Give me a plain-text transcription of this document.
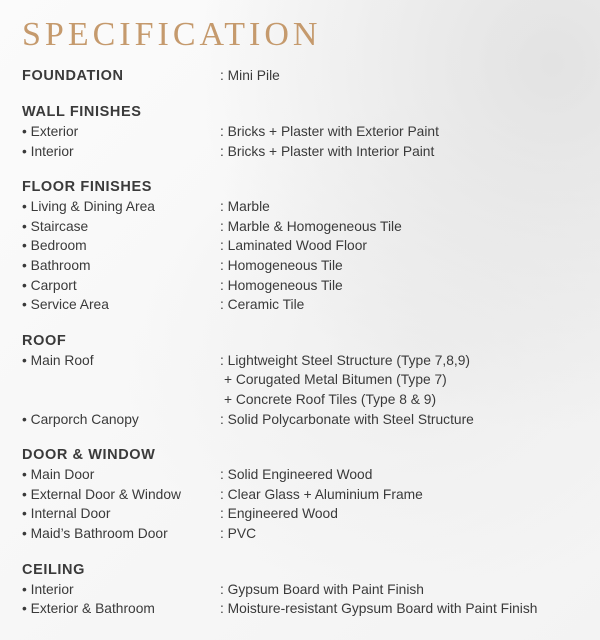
SPECIFICATION
FOUNDATION	: Mini Pile
WALL FINISHES
• Exterior	: Bricks + Plaster with Exterior Paint
• Interior	: Bricks + Plaster with Interior Paint
FLOOR FINISHES
• Living & Dining Area	: Marble
• Staircase	: Marble & Homogeneous Tile
• Bedroom	: Laminated Wood Floor
• Bathroom	: Homogeneous Tile
• Carport	: Homogeneous Tile
• Service Area	: Ceramic Tile
ROOF
• Main Roof	: Lightweight Steel Structure (Type 7,8,9)
+ Corugated Metal Bitumen (Type 7)
+ Concrete Roof Tiles (Type 8 & 9)
• Carporch Canopy	: Solid Polycarbonate with Steel Structure
DOOR & WINDOW
• Main Door	: Solid Engineered Wood
• External Door & Window	: Clear Glass + Aluminium Frame
• Internal Door	: Engineered Wood
• Maid’s Bathroom Door	: PVC
CEILING
• Interior	: Gypsum Board with Paint Finish
• Exterior & Bathroom	: Moisture-resistant Gypsum Board with Paint Finish
